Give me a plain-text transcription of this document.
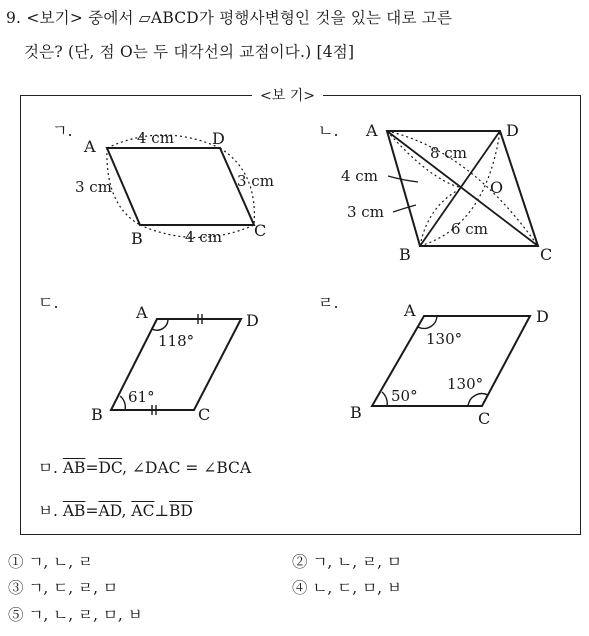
9. <보기> 중에서 ▱ABCD가 평행사변형인 것을 있는 대로 고른
것은? (단, 점 O는 두 대각선의 교점이다.) [4점]
<보 기>
ㄱ.	ㄴ.
ㄷ.	ㄹ.
A	D
B	C
4 cm
4 cm
3 cm	3 cm
A	D
B	C
O
8 cm
6 cm
4 cm
3 cm
A	D
B	C
118°
61°
A	D
B	C
130°
50°
130°
ㅁ. $\overline{AB}=\overline{DC}$, ∠DAC = ∠BCA
ㅂ. $\overline{AB}=\overline{AD}$, $\overline{AC}\perp\overline{BD}$
① ㄱ, ㄴ, ㄹ	② ㄱ, ㄴ, ㄹ, ㅁ
③ ㄱ, ㄷ, ㄹ, ㅁ	④ ㄴ, ㄷ, ㅁ, ㅂ
⑤ ㄱ, ㄴ, ㄹ, ㅁ, ㅂ
